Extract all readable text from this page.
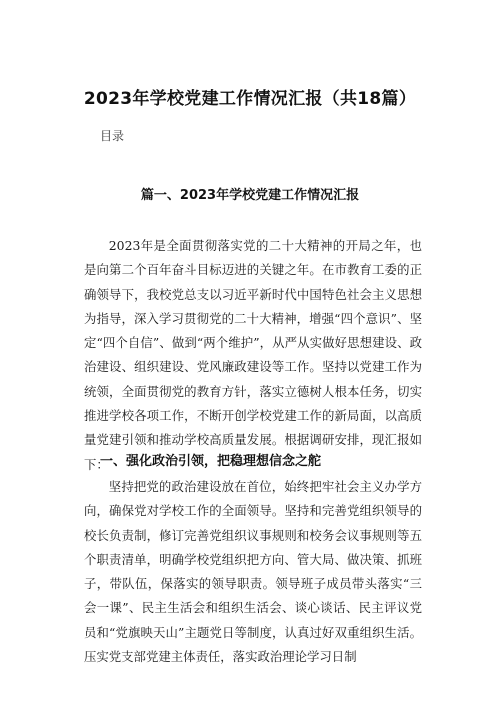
2023年学校党建工作情况汇报（共18篇）
目录
篇一、2023年学校党建工作情况汇报

2023年是全面贯彻落实党的二十大精神的开局之年，也是向第二个百年奋斗目标迈进的关键之年。在市教育工委的正确领导下，我校党总支以习近平新时代中国特色社会主义思想为指导，深入学习贯彻党的二十大精神，增强“四个意识”、坚定“四个自信”、做到“两个维护”，从严从实做好思想建设、政治建设、组织建设、党风廉政建设等工作。坚持以党建工作为统领，全面贯彻党的教育方针，落实立德树人根本任务，切实推进学校各项工作，不断开创学校党建工作的新局面，以高质量党建引领和推动学校高质量发展。根据调研安排，现汇报如下：

一、强化政治引领，把稳理想信念之舵

坚持把党的政治建设放在首位，始终把牢社会主义办学方向，确保党对学校工作的全面领导。坚持和完善党组织领导的校长负责制，修订完善党组织议事规则和校务会议事规则等五个职责清单，明确学校党组织把方向、管大局、做决策、抓班子，带队伍，保落实的领导职责。领导班子成员带头落实“三会一课”、民主生活会和组织生活会、谈心谈话、民主评议党员和“党旗映天山”主题党日等制度，认真过好双重组织生活。压实党支部党建主体责任，落实政治理论学习日制
